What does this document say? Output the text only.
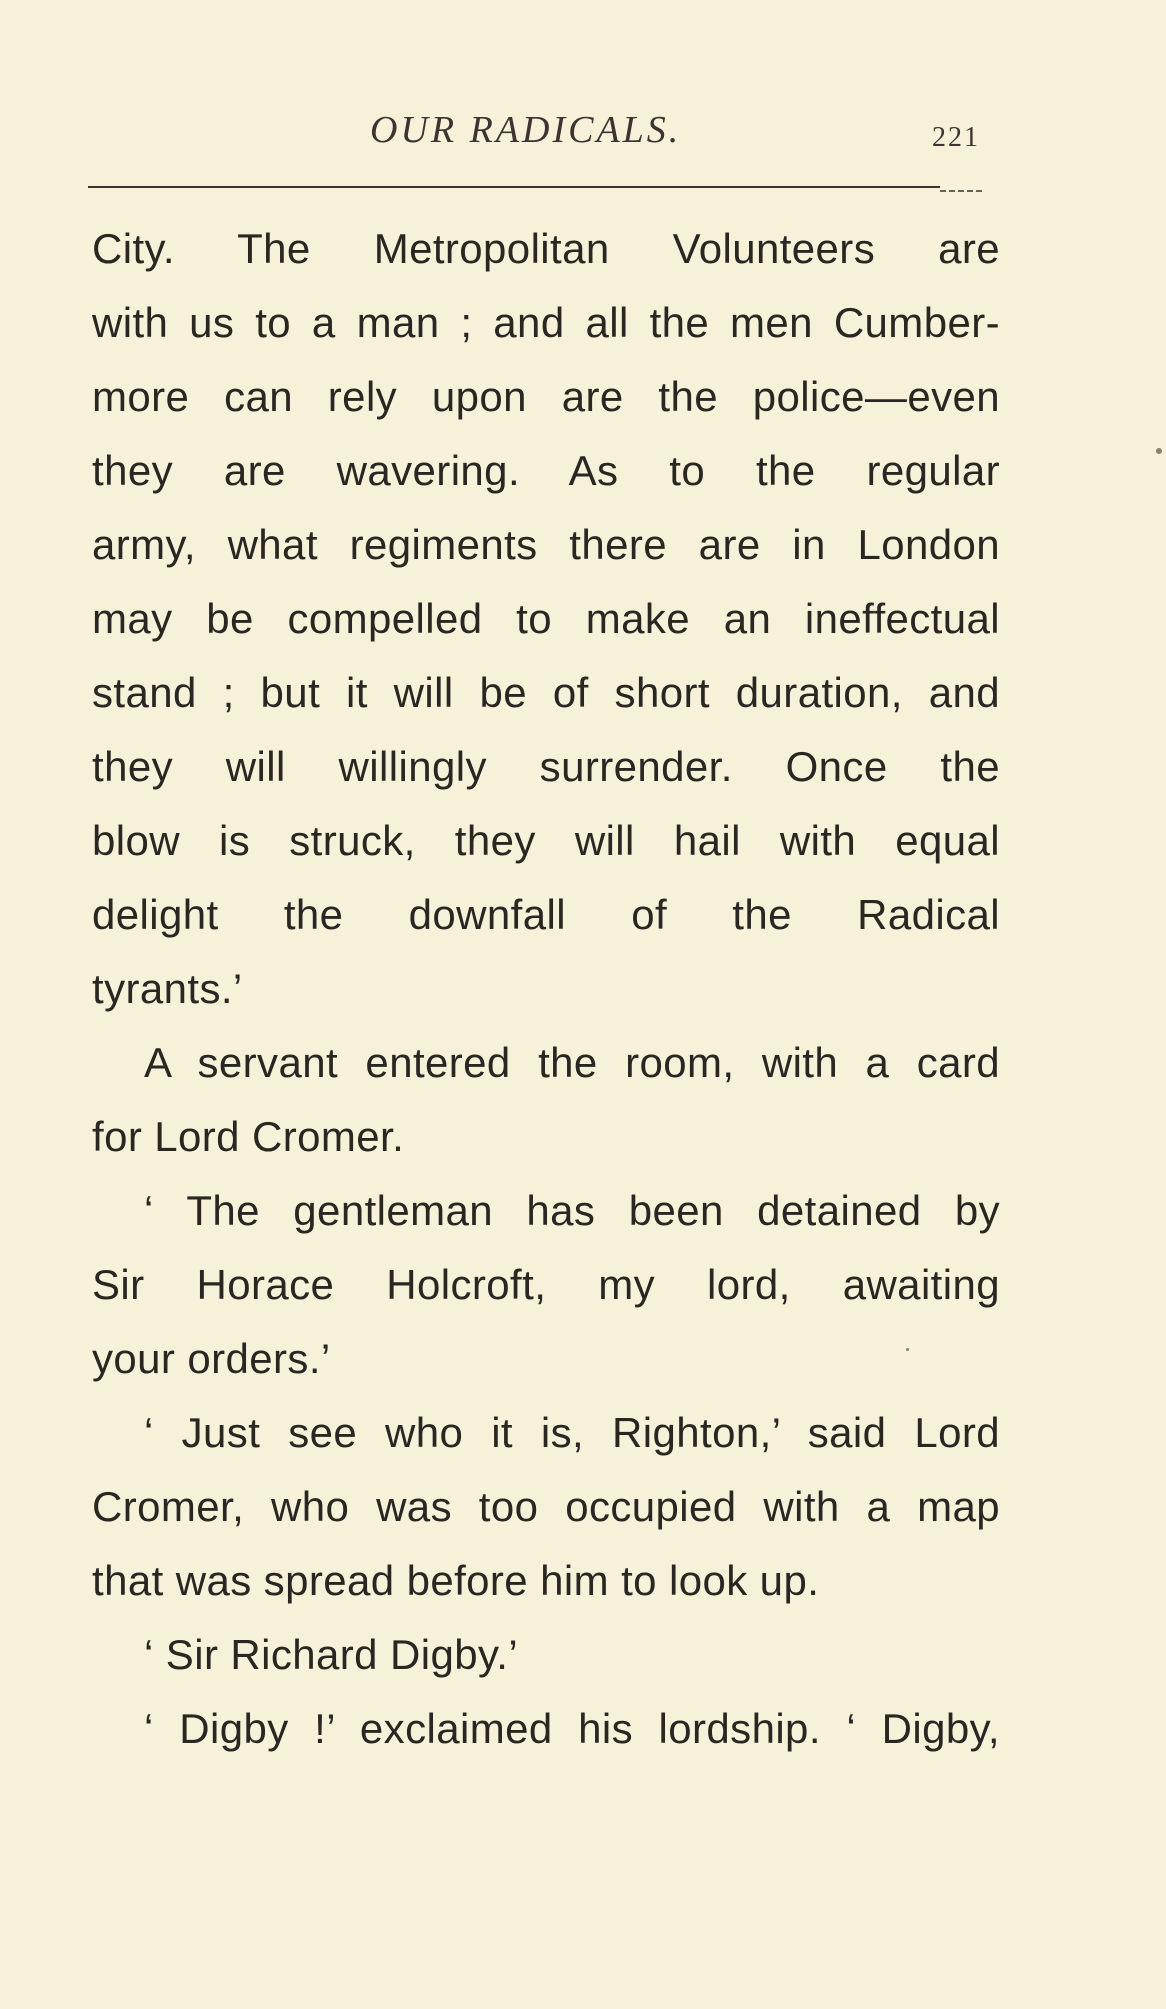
OUR RADICALS.	221
City. The Metropolitan Volunteers are
with us to a man ; and all the men Cumber-
more can rely upon are the police—even
they are wavering. As to the regular
army, what regiments there are in London
may be compelled to make an ineffectual
stand ; but it will be of short duration, and
they will willingly surrender. Once the
blow is struck, they will hail with equal
delight the downfall of the Radical
tyrants.’
A servant entered the room, with a card
for Lord Cromer.
‘ The gentleman has been detained by
Sir Horace Holcroft, my lord, awaiting
your orders.’
‘ Just see who it is, Righton,’ said Lord
Cromer, who was too occupied with a map
that was spread before him to look up.
‘ Sir Richard Digby.’
‘ Digby !’ exclaimed his lordship. ‘ Digby,
